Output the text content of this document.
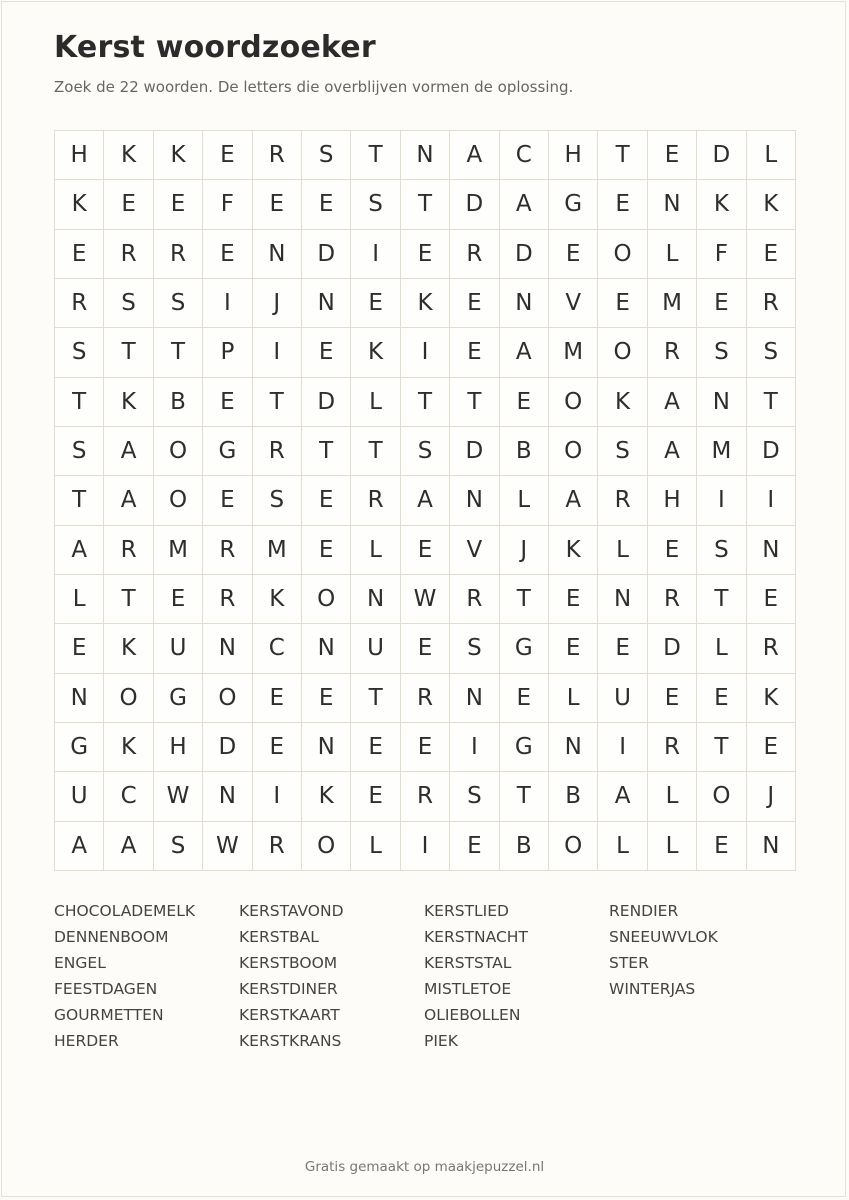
Kerst woordzoeker
Zoek de 22 woorden. De letters die overblijven vormen de oplossing.
H	K	K	E	R	S	T	N	A	C	H	T	E	D	L
K	E	E	F	E	E	S	T	D	A	G	E	N	K	K
E	R	R	E	N	D	I	E	R	D	E	O	L	F	E
R	S	S	I	J	N	E	K	E	N	V	E	M	E	R
S	T	T	P	I	E	K	I	E	A	M	O	R	S	S
T	K	B	E	T	D	L	T	T	E	O	K	A	N	T
S	A	O	G	R	T	T	S	D	B	O	S	A	M	D
T	A	O	E	S	E	R	A	N	L	A	R	H	I	I
A	R	M	R	M	E	L	E	V	J	K	L	E	S	N
L	T	E	R	K	O	N	W	R	T	E	N	R	T	E
E	K	U	N	C	N	U	E	S	G	E	E	D	L	R
N	O	G	O	E	E	T	R	N	E	L	U	E	E	K
G	K	H	D	E	N	E	E	I	G	N	I	R	T	E
U	C	W	N	I	K	E	R	S	T	B	A	L	O	J
A	A	S	W	R	O	L	I	E	B	O	L	L	E	N
CHOCOLADEMELK
DENNENBOOM
ENGEL
FEESTDAGEN
GOURMETTEN
HERDER
KERSTAVOND
KERSTBAL
KERSTBOOM
KERSTDINER
KERSTKAART
KERSTKRANS
KERSTLIED
KERSTNACHT
KERSTSTAL
MISTLETOE
OLIEBOLLEN
PIEK
RENDIER
SNEEUWVLOK
STER
WINTERJAS
Gratis gemaakt op maakjepuzzel.nl
